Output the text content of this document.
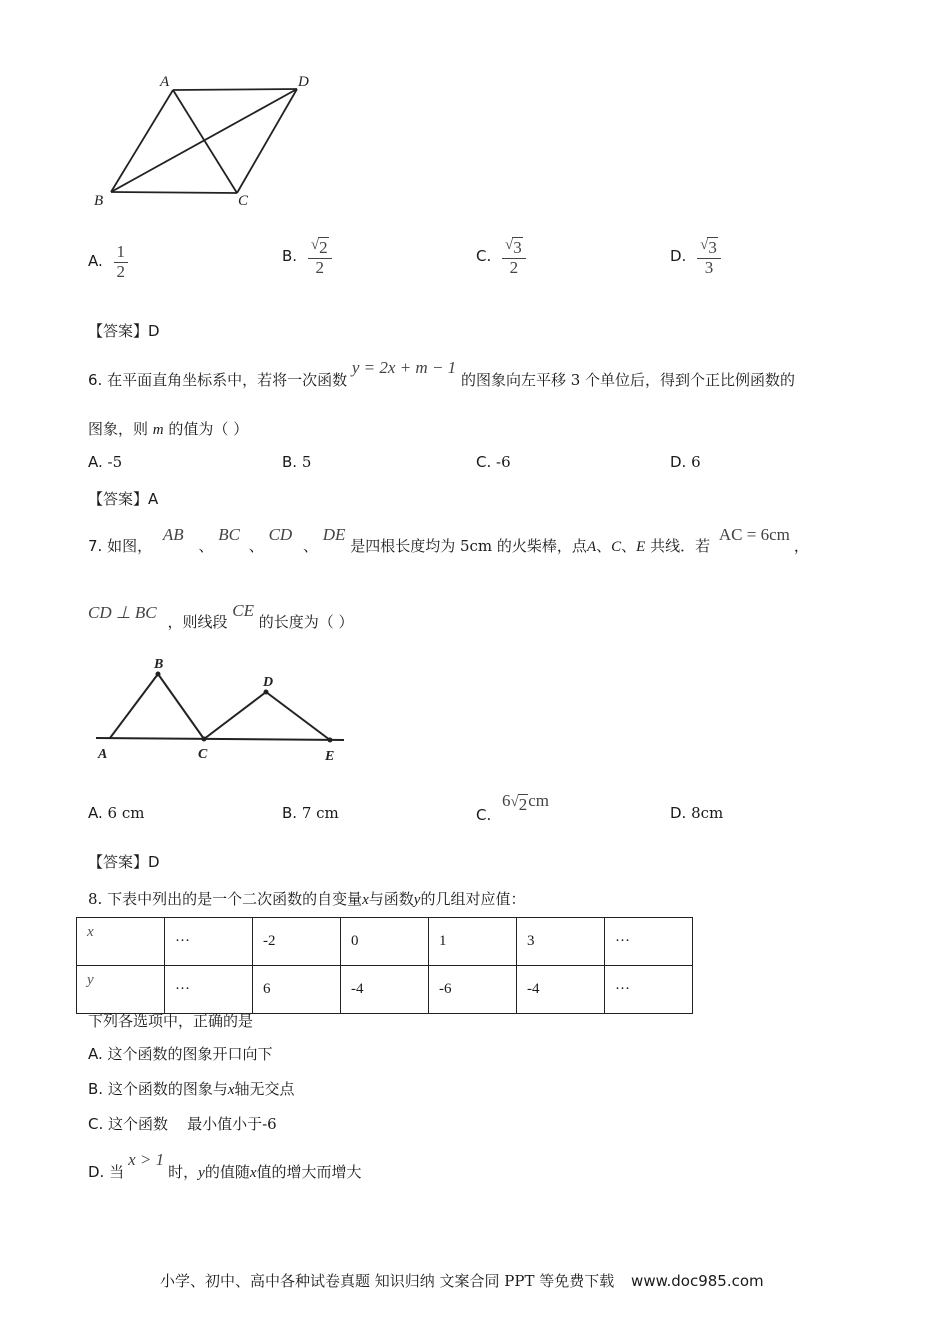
A	D
B	C
A. $\frac{1}{2}$	B. $\frac{√ 2}{2}$	C. $\frac{√ 3}{2}$	D. $\frac{√ 3}{3}$
【答案】D
6. 在平面直角坐标系中，若将一次函数 y = 2x + m − 1 的图象向左平移 3 个单位后，得到个正比例函数的
图象，则 m 的值为（ ）
A. -5	B. 5	C. -6	D. 6
【答案】A
7. 如图， AB 、 BC 、 CD 、 DE 是四根长度均为 5cm 的火柴棒，点A、C、E 共线．若 AC = 6cm，
CD ⊥ BC ，则线段 CE 的长度为（ ）
B
D
A	C	E
A. 6 cm	B. 7 cm	C. 6 √ 2 cm
D. 8cm
【答案】D
8. 下表中列出的是一个二次函数的自变量x与函数y的几组对应值：
x	···	-2	0	1	3	···
y	···	6	-4	-6	-4	···
下列各选项中，正确的是
A. 这个函数的图象开口向下
B. 这个函数的图象与x轴无交点
C. 这个函数    最小值小于-6
D. 当x > 1时，y的值随x值的增大而增大
小学、初中、高中各种试卷真题 知识归纳 文案合同 PPT 等免费下载 www.doc985.com
